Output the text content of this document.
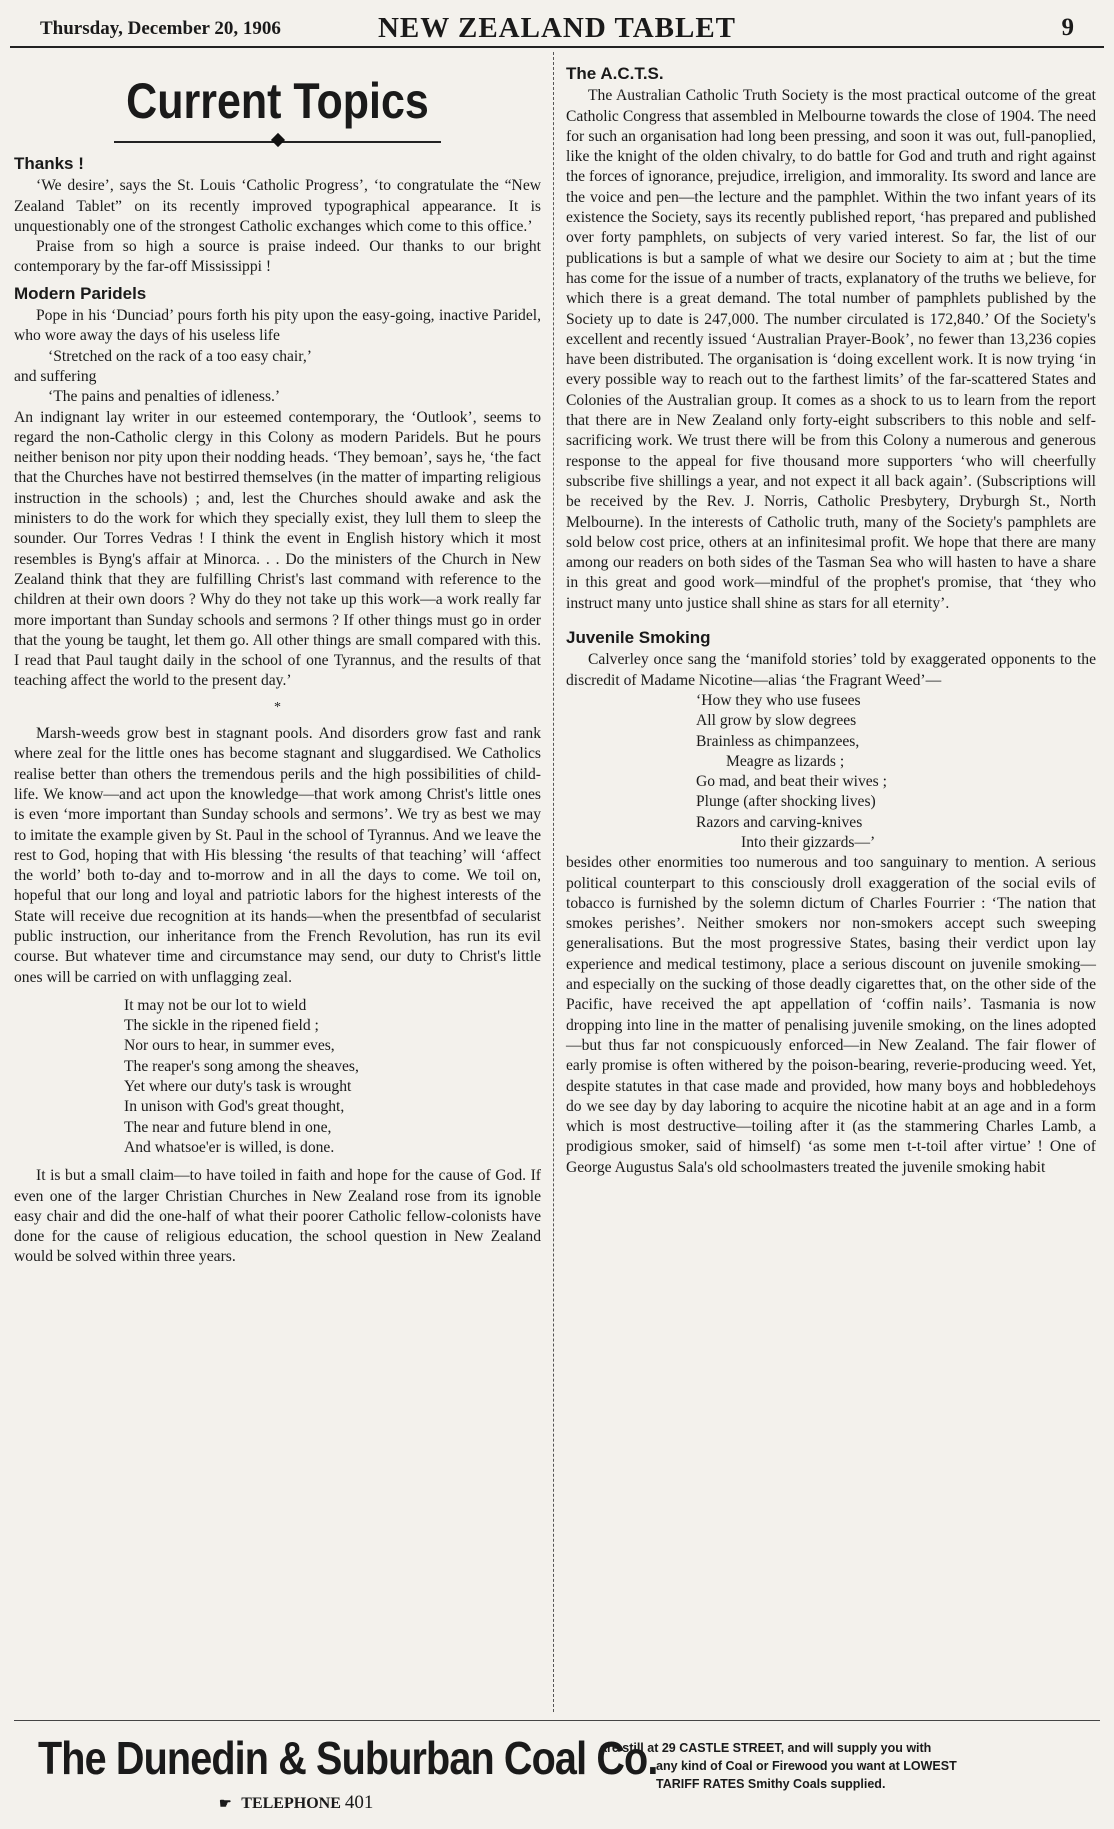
Thursday, December 20, 1906	NEW ZEALAND TABLET	9
Current Topics
Thanks !

‘We desire’, says the St. Louis ‘Catholic Progress’, ‘to congratulate the “New Zealand Tablet” on its recently improved typographical appearance. It is unquestionably one of the strongest Catholic exchanges which come to this office.’

Praise from so high a source is praise indeed. Our thanks to our bright contemporary by the far-off Mississippi !

Modern Paridels

Pope in his ‘Dunciad’ pours forth his pity upon the easy-going, inactive Paridel, who wore away the days of his useless life

‘Stretched on the rack of a too easy chair,’

and suffering

‘The pains and penalties of idleness.’

An indignant lay writer in our esteemed contemporary, the ‘Outlook’, seems to regard the non-Catholic clergy in this Colony as modern Paridels. But he pours neither benison nor pity upon their nodding heads. ‘They bemoan’, says he, ‘the fact that the Churches have not bestirred themselves (in the matter of imparting religious instruction in the schools) ; and, lest the Churches should awake and ask the ministers to do the work for which they specially exist, they lull them to sleep the sounder. Our Torres Vedras ! I think the event in English history which it most resembles is Byng's affair at Minorca. . . Do the ministers of the Church in New Zealand think that they are fulfilling Christ's last command with reference to the children at their own doors ? Why do they not take up this work—a work really far more important than Sunday schools and sermons ? If other things must go in order that the young be taught, let them go. All other things are small compared with this. I read that Paul taught daily in the school of one Tyrannus, and the results of that teaching affect the world to the present day.’

*

Marsh-weeds grow best in stagnant pools. And disorders grow fast and rank where zeal for the little ones has become stagnant and sluggardised. We Catholics realise better than others the tremendous perils and the high possibilities of child-life. We know—and act upon the knowledge—that work among Christ's little ones is even ‘more important than Sunday schools and sermons’. We try as best we may to imitate the example given by St. Paul in the school of Tyrannus. And we leave the rest to God, hoping that with His blessing ‘the results of that teaching’ will ‘affect the world’ both to-day and to-morrow and in all the days to come. We toil on, hopeful that our long and loyal and patriotic labors for the highest interests of the State will receive due recognition at its hands—when the presentbfad of secularist public instruction, our inheritance from the French Revolution, has run its evil course. But whatever time and circumstance may send, our duty to Christ's little ones will be carried on with unflagging zeal.

It may not be our lot to wield

The sickle in the ripened field ;

Nor ours to hear, in summer eves,

The reaper's song among the sheaves,

Yet where our duty's task is wrought

In unison with God's great thought,

The near and future blend in one,

And whatsoe'er is willed, is done.

It is but a small claim—to have toiled in faith and hope for the cause of God. If even one of the larger Christian Churches in New Zealand rose from its ignoble easy chair and did the one-half of what their poorer Catholic fellow-colonists have done for the cause of religious education, the school question in New Zealand would be solved within three years.

The A.C.T.S.

The Australian Catholic Truth Society is the most practical outcome of the great Catholic Congress that assembled in Melbourne towards the close of 1904. The need for such an organisation had long been pressing, and soon it was out, full-panoplied, like the knight of the olden chivalry, to do battle for God and truth and right against the forces of ignorance, prejudice, irreligion, and immorality. Its sword and lance are the voice and pen—the lecture and the pamphlet. Within the two infant years of its existence the Society, says its recently published report, ‘has prepared and published over forty pamphlets, on subjects of very varied interest. So far, the list of our publications is but a sample of what we desire our Society to aim at ; but the time has come for the issue of a number of tracts, explanatory of the truths we believe, for which there is a great demand. The total number of pamphlets published by the Society up to date is 247,000. The number circulated is 172,840.’ Of the Society's excellent and recently issued ‘Australian Prayer-Book’, no fewer than 13,236 copies have been distributed. The organisation is ‘doing excellent work. It is now trying ‘in every possible way to reach out to the farthest limits’ of the far-scattered States and Colonies of the Australian group. It comes as a shock to us to learn from the report that there are in New Zealand only forty-eight subscribers to this noble and self-sacrificing work. We trust there will be from this Colony a numerous and generous response to the appeal for five thousand more supporters ‘who will cheerfully subscribe five shillings a year, and not expect it all back again’. (Subscriptions will be received by the Rev. J. Norris, Catholic Presbytery, Dryburgh St., North Melbourne). In the interests of Catholic truth, many of the Society's pamphlets are sold below cost price, others at an infinitesimal profit. We hope that there are many among our readers on both sides of the Tasman Sea who will hasten to have a share in this great and good work—mindful of the prophet's promise, that ‘they who instruct many unto justice shall shine as stars for all eternity’.

Juvenile Smoking

Calverley once sang the ‘manifold stories’ told by exaggerated opponents to the discredit of Madame Nicotine—alias ‘the Fragrant Weed’—

‘How they who use fusees

All grow by slow degrees

Brainless as chimpanzees,

Meagre as lizards ;

Go mad, and beat their wives ;

Plunge (after shocking lives)

Razors and carving-knives

Into their gizzards—’

besides other enormities too numerous and too sanguinary to mention. A serious political counterpart to this consciously droll exaggeration of the social evils of tobacco is furnished by the solemn dictum of Charles Fourrier : ‘The nation that smokes perishes’. Neither smokers nor non-smokers accept such sweeping generalisations. But the most progressive States, basing their verdict upon lay experience and medical testimony, place a serious discount on juvenile smoking—and especially on the sucking of those deadly cigarettes that, on the other side of the Pacific, have received the apt appellation of ‘coffin nails’. Tasmania is now dropping into line in the matter of penalising juvenile smoking, on the lines adopted—but thus far not conspicuously enforced—in New Zealand. The fair flower of early promise is often withered by the poison-bearing, reverie-producing weed. Yet, despite statutes in that case made and provided, how many boys and hobbledehoys do we see day by day laboring to acquire the nicotine habit at an age and in a form which is most destructive—toiling after it (as the stammering Charles Lamb, a prodigious smoker, said of himself) ‘as some men t-t-toil after virtue’ ! One of George Augustus Sala's old schoolmasters treated the juvenile smoking habit

The Dunedin & Suburban Coal Co.
☛ TELEPHONE 401
are still at 29 CASTLE STREET, and will supply you with
any kind of Coal or Firewood you want at LOWEST
TARIFF RATES Smithy Coals supplied.
